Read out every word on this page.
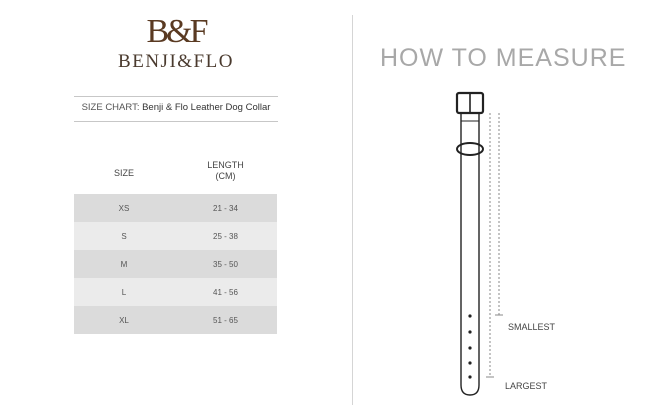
B&F
BENJI&FLO
SIZE CHART: Benji & Flo Leather Dog Collar
SIZE
LENGTH
(CM)
XS	21 - 34
S	25 - 38
M	35 - 50
L	41 - 56
XL	51 - 65
HOW TO MEASURE
SMALLEST
LARGEST
